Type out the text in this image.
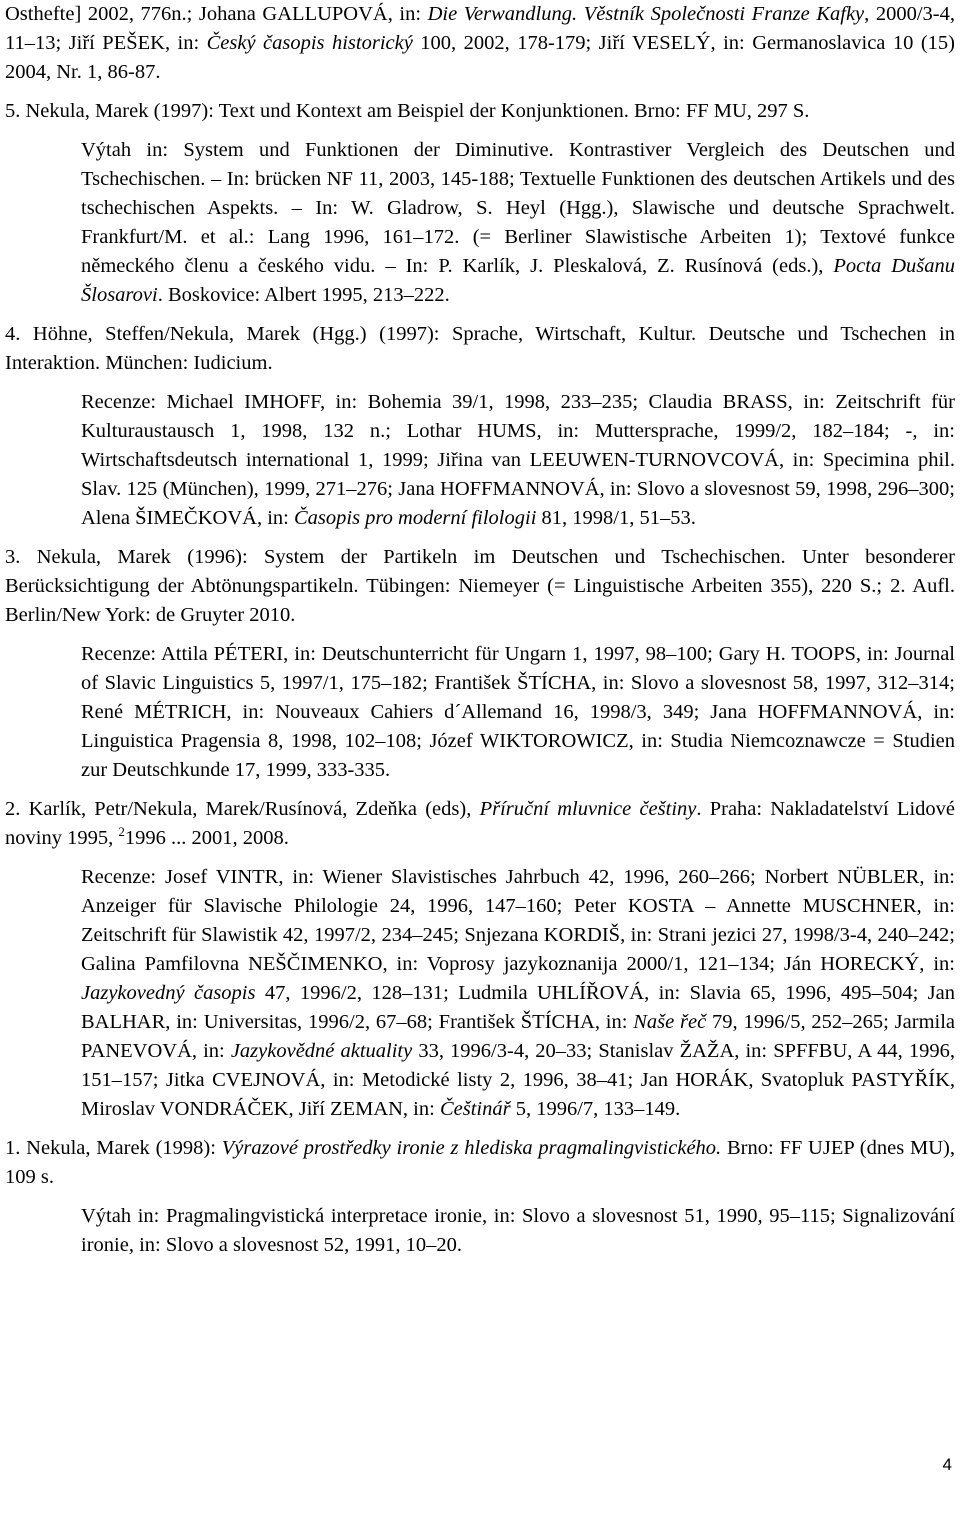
Osthefte] 2002, 776n.; Johana GALLUPOVÁ, in: Die Verwandlung. Věstník Společnosti Franze Kafky, 2000/3-4, 11–13; Jiří PEŠEK, in: Český časopis historický 100, 2002, 178-179; Jiří VESELÝ, in: Germanoslavica 10 (15) 2004, Nr. 1, 86-87.

5. Nekula, Marek (1997): Text und Kontext am Beispiel der Konjunktionen. Brno: FF MU, 297 S.

Výtah in: System und Funktionen der Diminutive. Kontrastiver Vergleich des Deutschen und Tschechischen. – In: brücken NF 11, 2003, 145-188; Textuelle Funktionen des deutschen Artikels und des tschechischen Aspekts. – In: W. Gladrow, S. Heyl (Hgg.), Slawische und deutsche Sprachwelt. Frankfurt/M. et al.: Lang 1996, 161–172. (= Berliner Slawistische Arbeiten 1); Textové funkce německého členu a českého vidu. – In: P. Karlík, J. Pleskalová, Z. Rusínová (eds.), Pocta Dušanu Šlosarovi. Boskovice: Albert 1995, 213–222.

4. Höhne, Steffen/Nekula, Marek (Hgg.) (1997): Sprache, Wirtschaft, Kultur. Deutsche und Tschechen in Interaktion. München: Iudicium.

Recenze: Michael IMHOFF, in: Bohemia 39/1, 1998, 233–235; Claudia BRASS, in: Zeitschrift für Kulturaustausch 1, 1998, 132 n.; Lothar HUMS, in: Muttersprache, 1999/2, 182–184; -, in: Wirtschaftsdeutsch international 1, 1999; Jiřina van LEEUWEN-TURNOVCOVÁ, in: Specimina phil. Slav. 125 (München), 1999, 271–276; Jana HOFFMANNOVÁ, in: Slovo a slovesnost 59, 1998, 296–300; Alena ŠIMEČKOVÁ, in: Časopis pro moderní filologii 81, 1998/1, 51–53.

3. Nekula, Marek (1996): System der Partikeln im Deutschen und Tschechischen. Unter besonderer Berücksichtigung der Abtönungspartikeln. Tübingen: Niemeyer (= Linguistische Arbeiten 355), 220 S.; 2. Aufl. Berlin/New York: de Gruyter 2010.

Recenze: Attila PÉTERI, in: Deutschunterricht für Ungarn 1, 1997, 98–100; Gary H. TOOPS, in: Journal of Slavic Linguistics 5, 1997/1, 175–182; František ŠTÍCHA, in: Slovo a slovesnost 58, 1997, 312–314; René MÉTRICH, in: Nouveaux Cahiers d´Allemand 16, 1998/3, 349; Jana HOFFMANNOVÁ, in: Linguistica Pragensia 8, 1998, 102–108; Józef WIKTOROWICZ, in: Studia Niemcoznawcze = Studien zur Deutschkunde 17, 1999, 333-335.

2. Karlík, Petr/Nekula, Marek/Rusínová, Zdeňka (eds), Příruční mluvnice češtiny. Praha: Nakladatelství Lidové noviny 1995, $^2$1996 ... 2001, 2008.

Recenze: Josef VINTR, in: Wiener Slavistisches Jahrbuch 42, 1996, 260–266; Norbert NÜBLER, in: Anzeiger für Slavische Philologie 24, 1996, 147–160; Peter KOSTA – Annette MUSCHNER, in: Zeitschrift für Slawistik 42, 1997/2, 234–245; Snjezana KORDIŠ, in: Strani jezici 27, 1998/3-4, 240–242; Galina Pamfilovna NEŠČIMENKO, in: Voprosy jazykoznanija 2000/1, 121–134; Ján HORECKÝ, in: Jazykovedný časopis 47, 1996/2, 128–131; Ludmila UHLÍŘOVÁ, in: Slavia 65, 1996, 495–504; Jan BALHAR, in: Universitas, 1996/2, 67–68; František ŠTÍCHA, in: Naše řeč 79, 1996/5, 252–265; Jarmila PANEVOVÁ, in: Jazykovědné aktuality 33, 1996/3-4, 20–33; Stanislav ŽAŽA, in: SPFFBU, A 44, 1996, 151–157; Jitka CVEJNOVÁ, in: Metodické listy 2, 1996, 38–41; Jan HORÁK, Svatopluk PASTYŘÍK, Miroslav VONDRÁČEK, Jiří ZEMAN, in: Češtinář 5, 1996/7, 133–149.

1. Nekula, Marek (1998): Výrazové prostředky ironie z hlediska pragmalingvistického. Brno: FF UJEP (dnes MU), 109 s.

Výtah in: Pragmalingvistická interpretace ironie, in: Slovo a slovesnost 51, 1990, 95–115; Signalizování ironie, in: Slovo a slovesnost 52, 1991, 10–20.

4
